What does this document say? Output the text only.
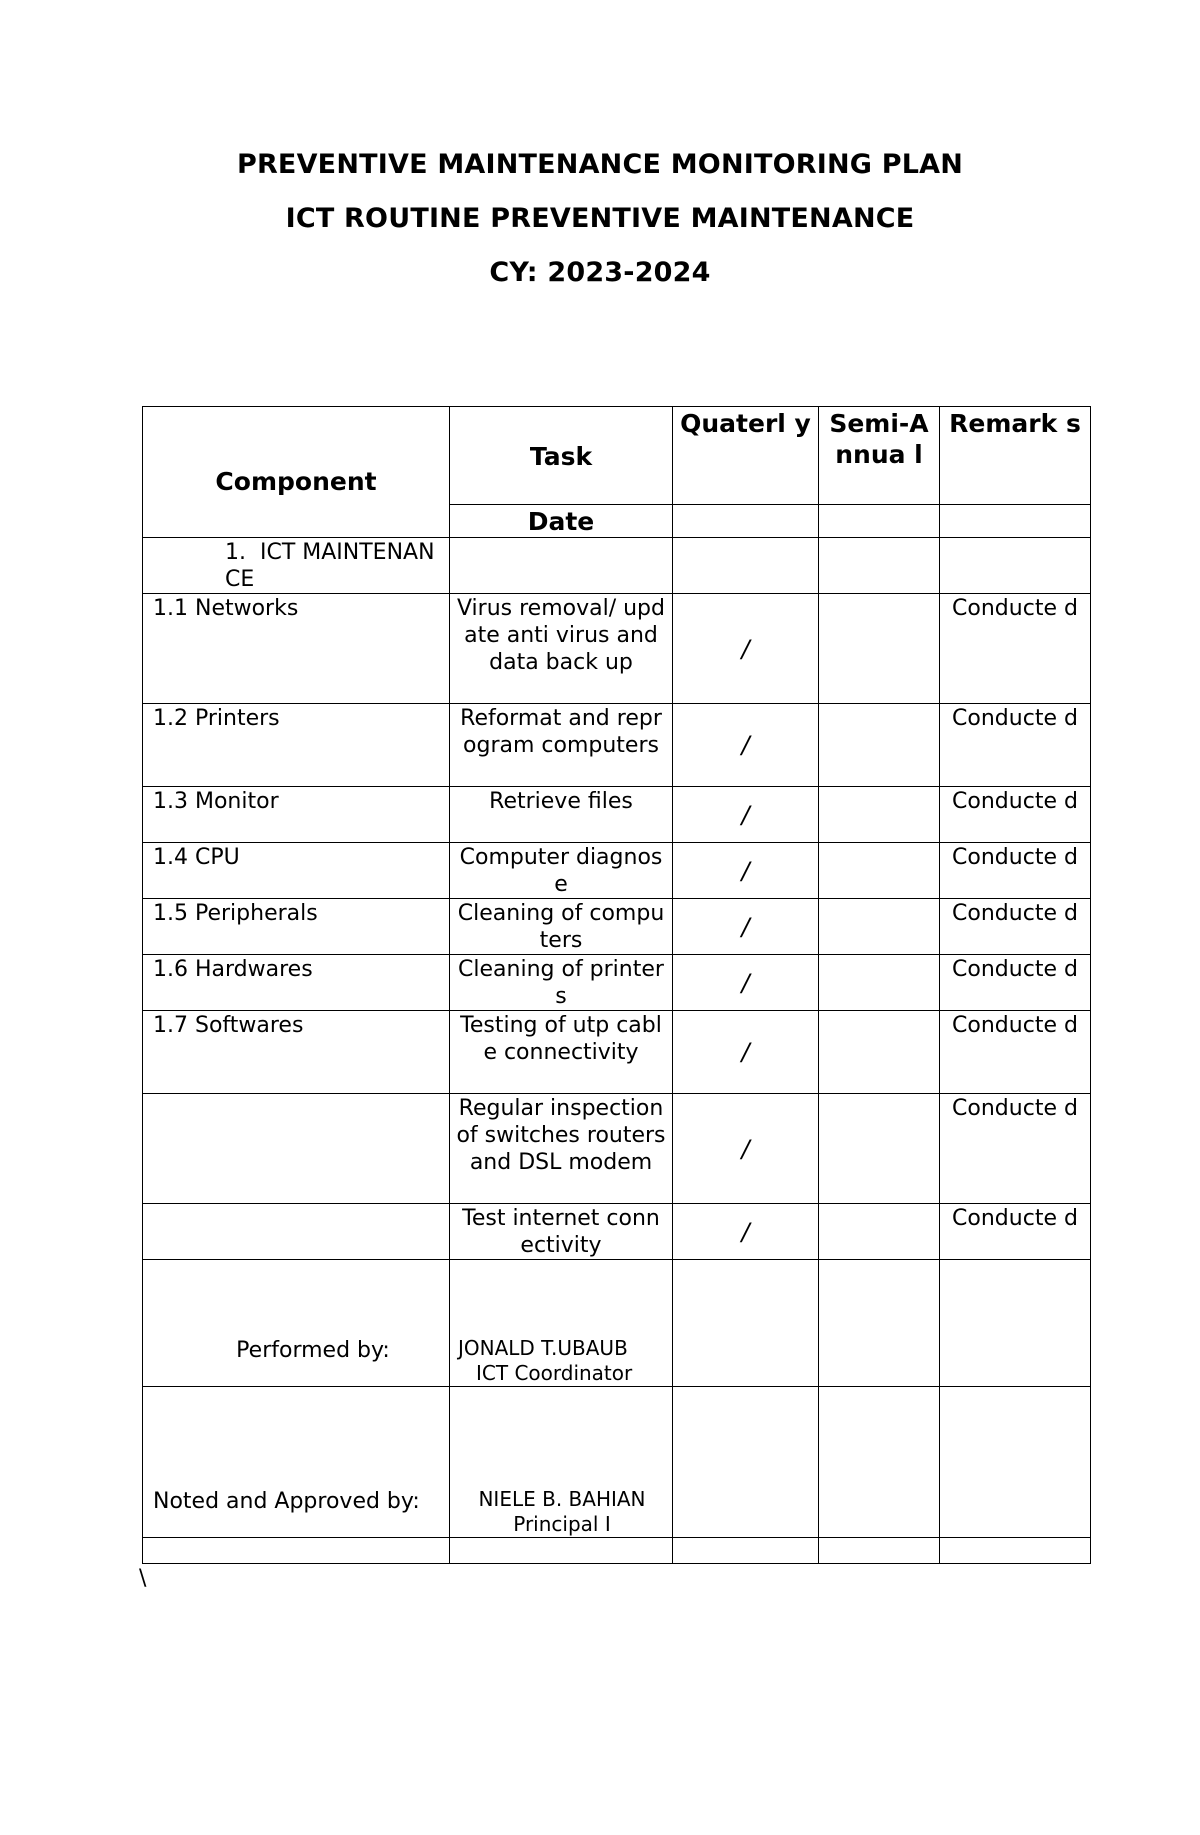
PREVENTIVE MAINTENANCE MONITORING PLAN
ICT ROUTINE PREVENTIVE MAINTENANCE
CY: 2023-2024
Component	Task	Quaterl y	Semi-Annua l	Remark s
	Date			
1.  ICT MAINTENANCE				
1.1 Networks	Virus removal/ update anti virus and data back up	/		Conducte d
1.2 Printers	Reformat and reprogram computers	/		Conducte d
1.3 Monitor	Retrieve files	/		Conducte d
1.4 CPU	Computer diagnose	/		Conducte d
1.5 Peripherals	Cleaning of computers	/		Conducte d
1.6 Hardwares	Cleaning of printers	/		Conducte d
1.7 Softwares	Testing of utp cable connectivity	/		Conducte d
	Regular inspection of switches routers and DSL modem	/		Conducte d
	Test internet connectivity	/		Conducte d
Performed by:	JONALD T.UBAUB
ICT Coordinator			

Noted and Approved by:	NIELE B. BAHIAN
Principal I			

\
